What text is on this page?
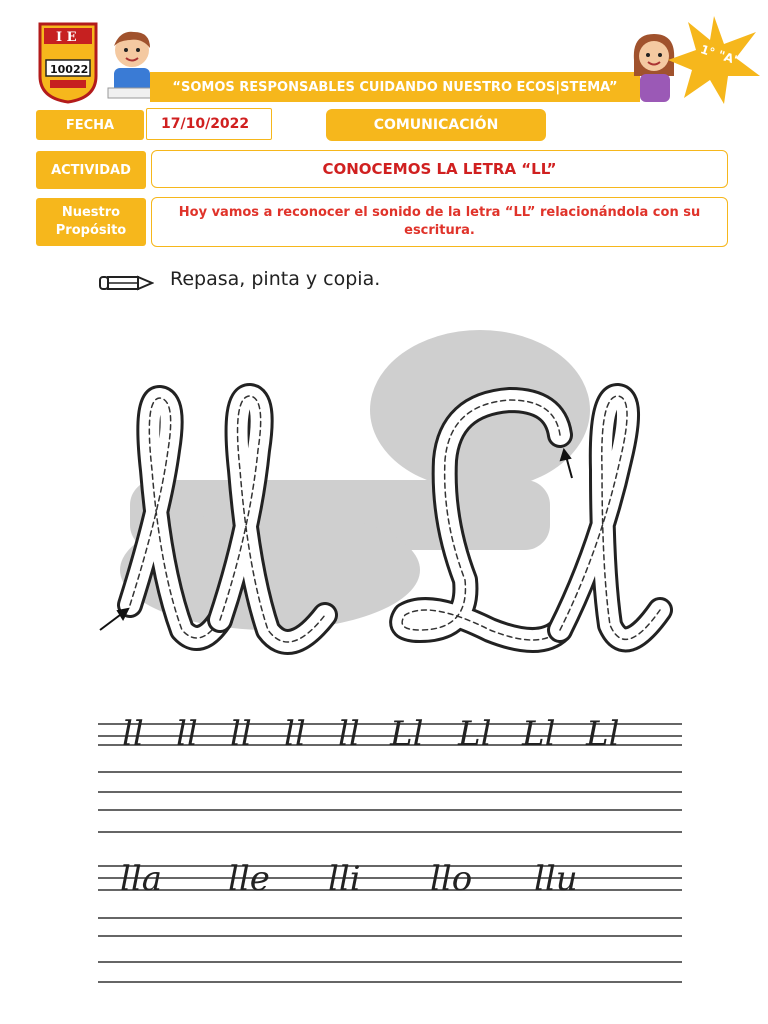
I E
10022
“SOMOS RESPONSABLES CUIDANDO NUESTRO ECOS|STEMA”
1° "A"
FECHA	17/10/2022	COMUNICACIÓN
ACTIVIDAD	CONOCEMOS LA LETRA “LL”
Nuestro
Propósito
Hoy vamos a reconocer el sonido de la letra “LL” relacionándola con su escritura.
Repasa, pinta y copia.
ll ll ll ll ll Ll Ll Ll Ll
lla lle lli llo llu
